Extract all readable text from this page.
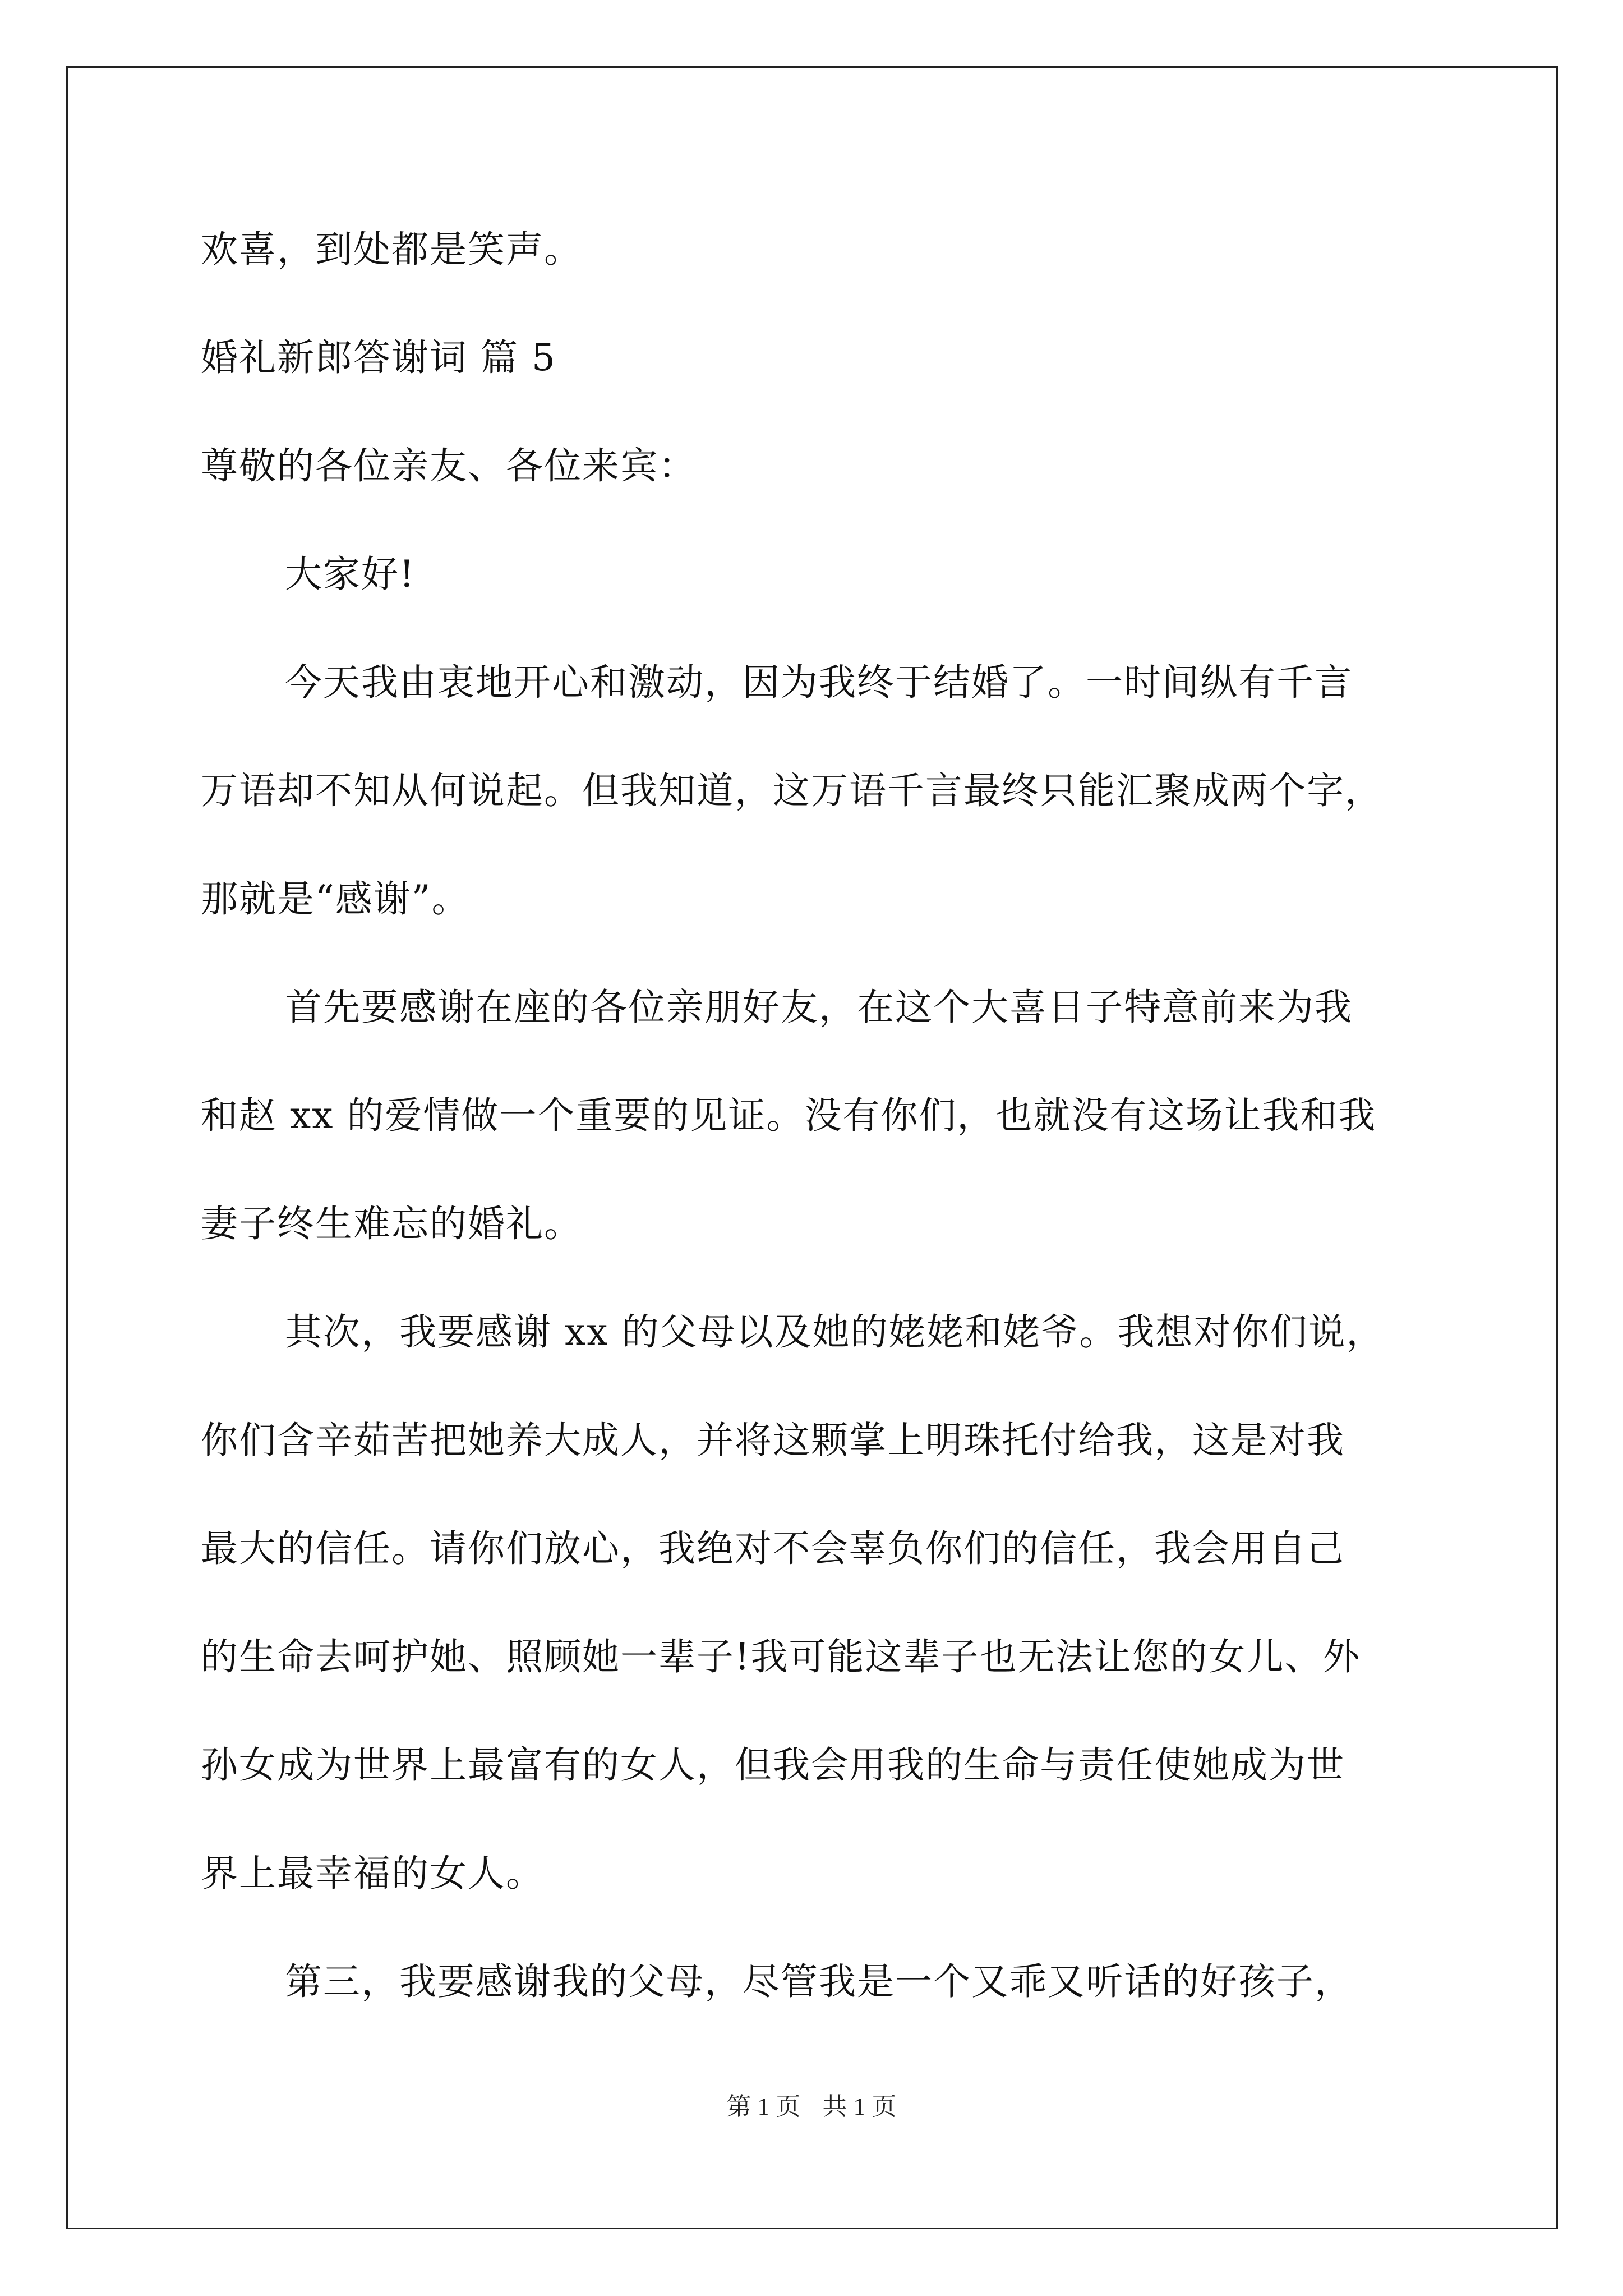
欢喜，到处都是笑声。
婚礼新郎答谢词 篇 5
尊敬的各位亲友、各位来宾：
大家好!
今天我由衷地开心和激动，因为我终于结婚了。一时间纵有千言
万语却不知从何说起。但我知道，这万语千言最终只能汇聚成两个字，
那就是“感谢”。
首先要感谢在座的各位亲朋好友，在这个大喜日子特意前来为我
和赵 xx 的爱情做一个重要的见证。没有你们，也就没有这场让我和我
妻子终生难忘的婚礼。
其次，我要感谢 xx 的父母以及她的姥姥和姥爷。我想对你们说，
你们含辛茹苦把她养大成人，并将这颗掌上明珠托付给我，这是对我
最大的信任。请你们放心，我绝对不会辜负你们的信任，我会用自己
的生命去呵护她、照顾她一辈子!我可能这辈子也无法让您的女儿、外
孙女成为世界上最富有的女人，但我会用我的生命与责任使她成为世
界上最幸福的女人。
第三，我要感谢我的父母，尽管我是一个又乖又听话的好孩子，
第 1 页 共 1 页
